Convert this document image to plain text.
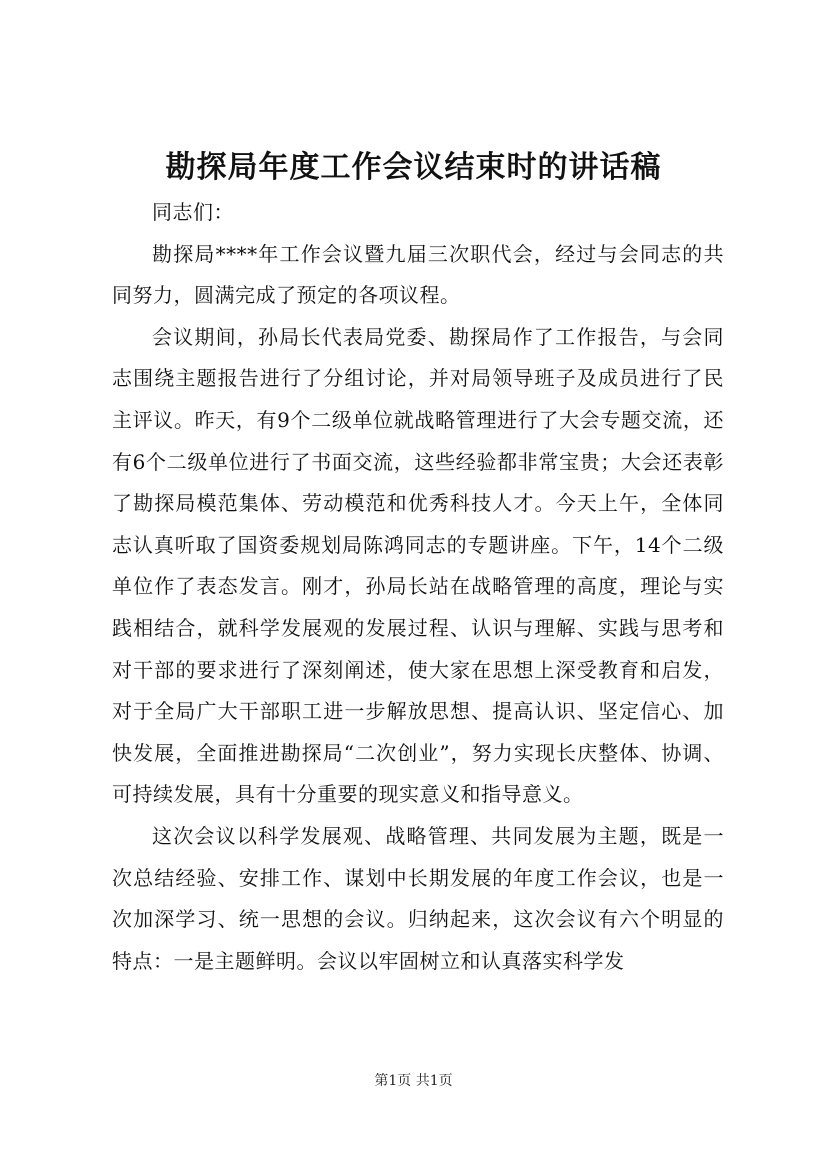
勘探局年度工作会议结束时的讲话稿

同志们：

勘探局****年工作会议暨九届三次职代会，经过与会同志的共同努力，圆满完成了预定的各项议程。

会议期间，孙局长代表局党委、勘探局作了工作报告，与会同志围绕主题报告进行了分组讨论，并对局领导班子及成员进行了民主评议。昨天，有9个二级单位就战略管理进行了大会专题交流，还有6个二级单位进行了书面交流，这些经验都非常宝贵；大会还表彰了勘探局模范集体、劳动模范和优秀科技人才。今天上午，全体同志认真听取了国资委规划局陈鸿同志的专题讲座。下午，14个二级单位作了表态发言。刚才，孙局长站在战略管理的高度，理论与实践相结合，就科学发展观的发展过程、认识与理解、实践与思考和对干部的要求进行了深刻阐述，使大家在思想上深受教育和启发，对于全局广大干部职工进一步解放思想、提高认识、坚定信心、加快发展，全面推进勘探局“二次创业”，努力实现长庆整体、协调、可持续发展，具有十分重要的现实意义和指导意义。

这次会议以科学发展观、战略管理、共同发展为主题，既是一次总结经验、安排工作、谋划中长期发展的年度工作会议，也是一次加深学习、统一思想的会议。归纳起来，这次会议有六个明显的特点：一是主题鲜明。会议以牢固树立和认真落实科学发

第1页 共1页
